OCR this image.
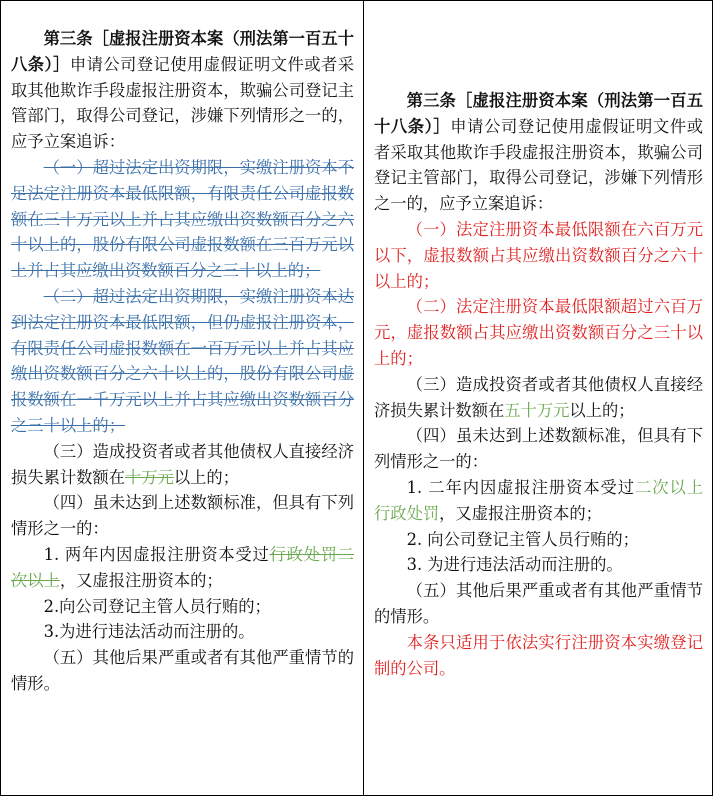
第三条［虚报注册资本案（刑法第一百五十八条）］申请公司登记使用虚假证明文件或者采取其他欺诈手段虚报注册资本，欺骗公司登记主管部门，取得公司登记，涉嫌下列情形之一的，应予立案追诉：

（一）超过法定出资期限，实缴注册资本不足法定注册资本最低限额，有限责任公司虚报数额在三十万元以上并占其应缴出资数额百分之六十以上的，股份有限公司虚报数额在三百万元以上并占其应缴出资数额百分之三十以上的；

（二）超过法定出资期限，实缴注册资本达到法定注册资本最低限额，但仍虚报注册资本，有限责任公司虚报数额在一百万元以上并占其应缴出资数额百分之六十以上的，股份有限公司虚报数额在一千万元以上并占其应缴出资数额百分之三十以上的；

（三）造成投资者或者其他债权人直接经济损失累计数额在十万元以上的；

（四）虽未达到上述数额标准，但具有下列情形之一的：

1. 两年内因虚报注册资本受过行政处罚二次以上，又虚报注册资本的；

2.向公司登记主管人员行贿的；

3.为进行违法活动而注册的。

（五）其他后果严重或者有其他严重情节的情形。

第三条［虚报注册资本案（刑法第一百五十八条）］申请公司登记使用虚假证明文件或者采取其他欺诈手段虚报注册资本，欺骗公司登记主管部门，取得公司登记，涉嫌下列情形之一的，应予立案追诉：

（一）法定注册资本最低限额在六百万元以下，虚报数额占其应缴出资数额百分之六十以上的；

（二）法定注册资本最低限额超过六百万元，虚报数额占其应缴出资数额百分之三十以上的；

（三）造成投资者或者其他债权人直接经济损失累计数额在五十万元以上的；

（四）虽未达到上述数额标准，但具有下列情形之一的：

1. 二年内因虚报注册资本受过二次以上行政处罚，又虚报注册资本的；

2. 向公司登记主管人员行贿的；

3. 为进行违法活动而注册的。

（五）其他后果严重或者有其他严重情节的情形。

本条只适用于依法实行注册资本实缴登记制的公司。
